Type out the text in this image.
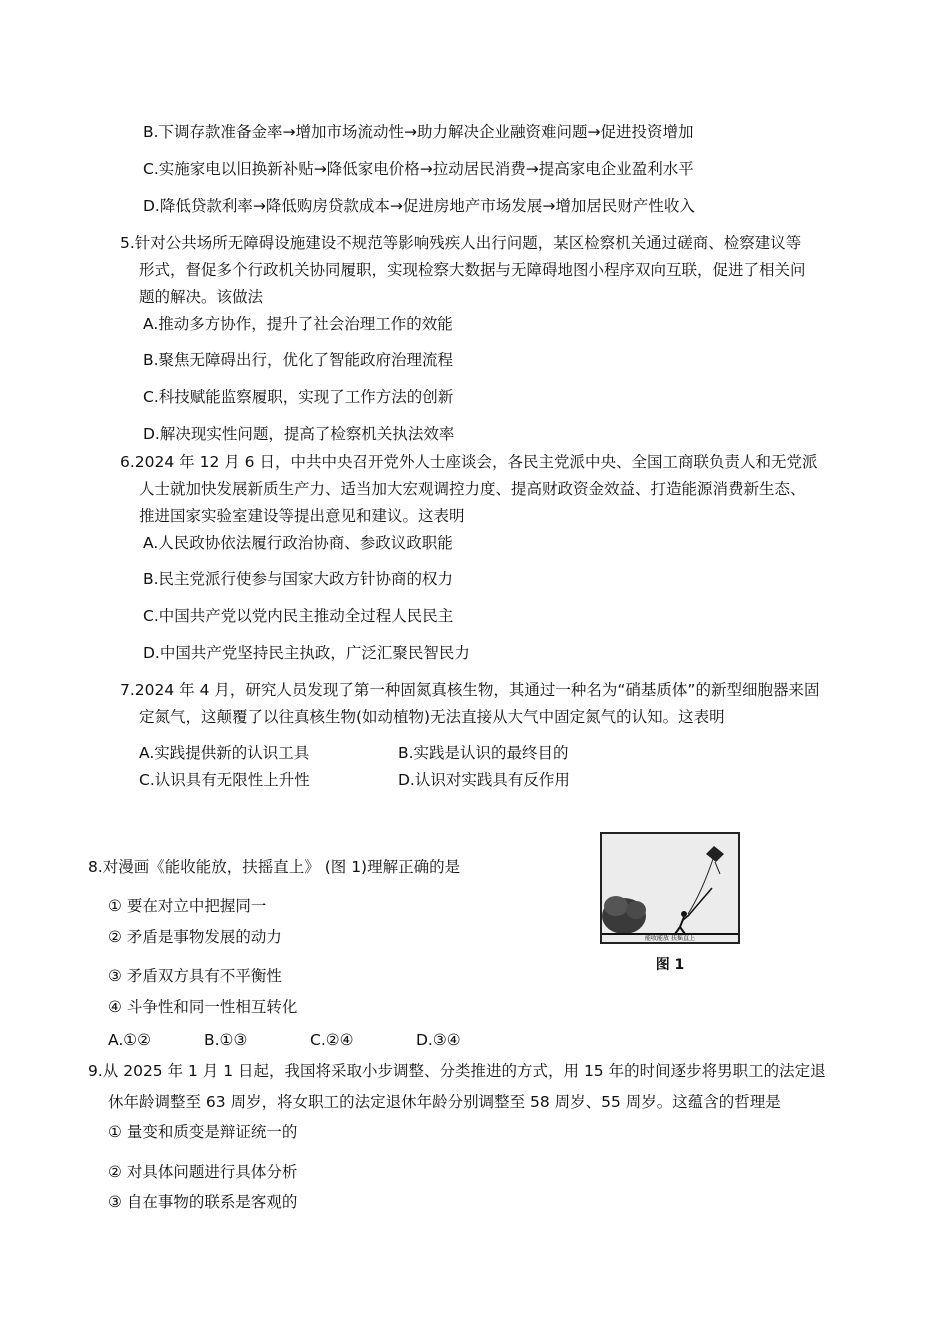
B.下调存款准备金率→增加市场流动性→助力解决企业融资难问题→促进投资增加
C.实施家电以旧换新补贴→降低家电价格→拉动居民消费→提高家电企业盈利水平
D.降低贷款利率→降低购房贷款成本→促进房地产市场发展→增加居民财产性收入
5.针对公共场所无障碍设施建设不规范等影响残疾人出行问题，某区检察机关通过磋商、检察建议等
形式，督促多个行政机关协同履职，实现检察大数据与无障碍地图小程序双向互联，促进了相关问
题的解决。该做法
A.推动多方协作，提升了社会治理工作的效能
B.聚焦无障碍出行，优化了智能政府治理流程
C.科技赋能监察履职，实现了工作方法的创新
D.解决现实性问题，提高了检察机关执法效率
6.2024 年 12 月 6 日，中共中央召开党外人士座谈会，各民主党派中央、全国工商联负责人和无党派
人士就加快发展新质生产力、适当加大宏观调控力度、提高财政资金效益、打造能源消费新生态、
推进国家实验室建设等提出意见和建议。这表明
A.人民政协依法履行政治协商、参政议政职能
B.民主党派行使参与国家大政方针协商的权力
C.中国共产党以党内民主推动全过程人民民主
D.中国共产党坚持民主执政，广泛汇聚民智民力
7.2024 年 4 月，研究人员发现了第一种固氮真核生物，其通过一种名为“硝基质体”的新型细胞器来固
定氮气，这颠覆了以往真核生物(如动植物)无法直接从大气中固定氮气的认知。这表明
A.实践提供新的认识工具	B.实践是认识的最终目的
C.认识具有无限性上升性	D.认识对实践具有反作用
8.对漫画《能收能放，扶摇直上》 (图 1)理解正确的是
① 要在对立中把握同一
② 矛盾是事物发展的动力
③ 矛盾双方具有不平衡性
④ 斗争性和同一性相互转化
A.①②	B.①③	C.②④	D.③④
能收能放 扶摇直上
图 1
9.从 2025 年 1 月 1 日起，我国将采取小步调整、分类推进的方式，用 15 年的时间逐步将男职工的法定退
休年龄调整至 63 周岁，将女职工的法定退休年龄分别调整至 58 周岁、55 周岁。这蕴含的哲理是
① 量变和质变是辩证统一的
② 对具体问题进行具体分析
③ 自在事物的联系是客观的
